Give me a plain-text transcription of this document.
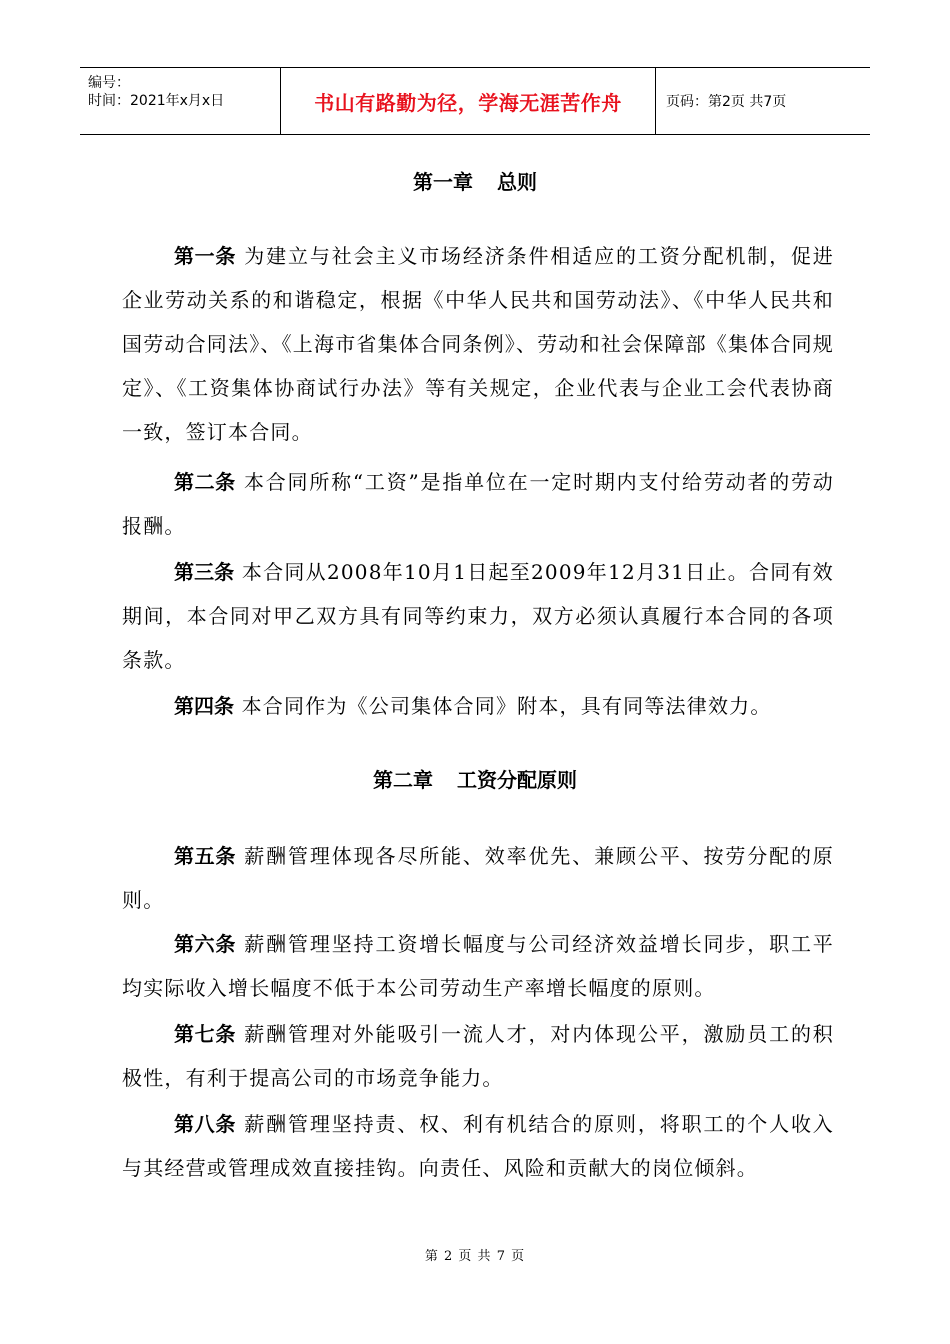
编号：
时间：2021年x月x日	书山有路勤为径，学海无涯苦作舟	页码：第2页 共7页
第一章 总则
第一条 为建立与社会主义市场经济条件相适应的工资分配机制，促进企业劳动关系的和谐稳定，根据《中华人民共和国劳动法》、《中华人民共和国劳动合同法》、《上海市省集体合同条例》、劳动和社会保障部《集体合同规定》、《工资集体协商试行办法》等有关规定，企业代表与企业工会代表协商一致，签订本合同。
第二条 本合同所称“工资”是指单位在一定时期内支付给劳动者的劳动报酬。
第三条 本合同从2008年10月1日起至2009年12月31日止。合同有效期间，本合同对甲乙双方具有同等约束力，双方必须认真履行本合同的各项条款。
第四条 本合同作为《公司集体合同》附本，具有同等法律效力。
第二章 工资分配原则
第五条 薪酬管理体现各尽所能、效率优先、兼顾公平、按劳分配的原则。
第六条 薪酬管理坚持工资增长幅度与公司经济效益增长同步，职工平均实际收入增长幅度不低于本公司劳动生产率增长幅度的原则。
第七条 薪酬管理对外能吸引一流人才，对内体现公平，激励员工的积极性，有利于提高公司的市场竞争能力。
第八条 薪酬管理坚持责、权、利有机结合的原则，将职工的个人收入与其经营或管理成效直接挂钩。向责任、风险和贡献大的岗位倾斜。
第 2 页 共 7 页
